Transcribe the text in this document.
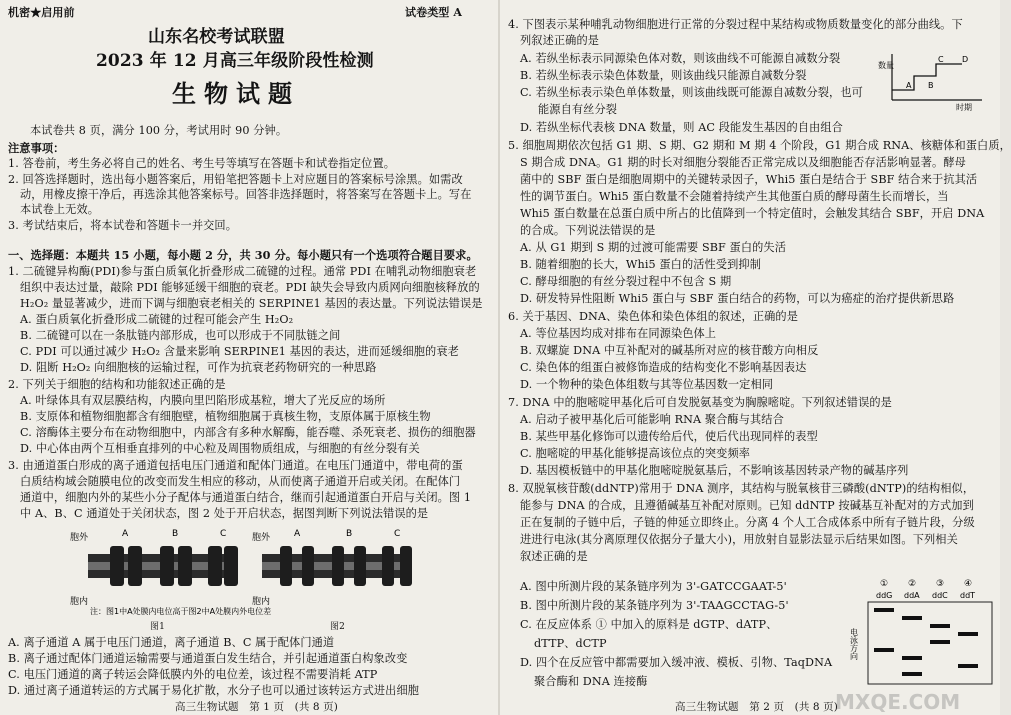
机密★启用前	试卷类型 A
山东名校考试联盟
2023 年 12 月高三年级阶段性检测
生物试题
本试卷共 8 页，满分 100 分，考试用时 90 分钟。
注意事项：
1. 答卷前，考生务必将自己的姓名、考生号等填写在答题卡和试卷指定位置。
2. 回答选择题时，选出每小题答案后，用铅笔把答题卡上对应题目的答案标号涂黑。如需改
动，用橡皮擦干净后，再选涂其他答案标号。回答非选择题时，将答案写在答题卡上。写在
本试卷上无效。
3. 考试结束后，将本试卷和答题卡一并交回。
一、选择题：本题共 15 小题，每小题 2 分，共 30 分。每小题只有一个选项符合题目要求。
1. 二硫键异构酶(PDI)参与蛋白质氧化折叠形成二硫键的过程。通常 PDI 在哺乳动物细胞衰老
组织中表达过量，敲除 PDI 能够延缓干细胞的衰老。PDI 缺失会导致内质网向细胞核释放的
H₂O₂ 量显著减少，进而下调与细胞衰老相关的 SERPINE1 基因的表达量。下列说法错误是
A. 蛋白质氧化折叠形成二硫键的过程可能会产生 H₂O₂
B. 二硫键可以在一条肽链内部形成，也可以形成于不同肽链之间
C. PDI 可以通过减少 H₂O₂ 含量来影响 SERPINE1 基因的表达，进而延缓细胞的衰老
D. 阻断 H₂O₂ 向细胞核的运输过程，可作为抗衰老药物研究的一种思路
2. 下列关于细胞的结构和功能叙述正确的是
A. 叶绿体具有双层膜结构，内膜向里凹陷形成基粒，增大了光反应的场所
B. 支原体和植物细胞都含有细胞壁，植物细胞属于真核生物，支原体属于原核生物
C. 溶酶体主要分布在动物细胞中，内部含有多种水解酶，能吞噬、杀死衰老、损伤的细胞器
D. 中心体由两个互相垂直排列的中心粒及周围物质组成，与细胞的有丝分裂有关
3. 由通道蛋白形成的离子通道包括电压门通道和配体门通道。在电压门通道中，带电荷的蛋
白质结构域会随膜电位的改变而发生相应的移动，从而使离子通道开启或关闭。在配体门
通道中，细胞内外的某些小分子配体与通道蛋白结合，继而引起通道蛋白开启与关闭。图 1
中 A、B、C 通道处于关闭状态，图 2 处于开启状态，据图判断下列说法错误的是
胞外
胞内
A	B	C	胞外
胞内
A	B	C
注：图1中A处膜内电位高于图2中A处膜内外电位差
图1	图2
A. 离子通道 A 属于电压门通道，离子通道 B、C 属于配体门通道
B. 离子通过配体门通道运输需要与通道蛋白发生结合，并引起通道蛋白构象改变
C. 电压门通道的离子转运会降低膜内外的电位差，该过程不需要消耗 ATP
D. 通过离子通道转运的方式属于易化扩散，水分子也可以通过该转运方式进出细胞
高三生物试题　第 1 页　(共 8 页)
4. 下图表示某种哺乳动物细胞进行正常的分裂过程中某结构或物质数量变化的部分曲线。下
列叙述正确的是
A. 若纵坐标表示同源染色体对数，则该曲线不可能源自减数分裂
B. 若纵坐标表示染色体数量，则该曲线只能源自减数分裂
C. 若纵坐标表示染色单体数量，则该曲线既可能源自减数分裂，也可
能源自有丝分裂
D. 若纵坐标代表核 DNA 数量，则 AC 段能发生基因的自由组合
数量
时期
A B
C D
5. 细胞周期依次包括 G1 期、S 期、G2 期和 M 期 4 个阶段，G1 期合成 RNA、核糖体和蛋白质，
S 期合成 DNA。G1 期的时长对细胞分裂能否正常完成以及细胞能否存活影响显著。酵母
菌中的 SBF 蛋白是细胞周期中的关键转录因子，Whi5 蛋白是结合于 SBF 结合来于抗其活
性的调节蛋白。Whi5 蛋白数量不会随着持续产生其他蛋白质的酵母菌生长而增长，当
Whi5 蛋白数量在总蛋白质中所占的比值降到一个特定值时，会触发其结合 SBF，开启 DNA
的合成。下列说法错误的是
A. 从 G1 期到 S 期的过渡可能需要 SBF 蛋白的失活
B. 随着细胞的长大，Whi5 蛋白的活性受到抑制
C. 酵母细胞的有丝分裂过程中不包含 S 期
D. 研发特异性阻断 Whi5 蛋白与 SBF 蛋白结合的药物，可以为癌症的治疗提供新思路
6. 关于基因、DNA、染色体和染色体组的叙述，正确的是
A. 等位基因均成对排布在同源染色体上
B. 双螺旋 DNA 中互补配对的碱基所对应的核苷酸方向相反
C. 染色体的组蛋白被修饰造成的结构变化不影响基因表达
D. 一个物种的染色体组数与其等位基因数一定相同
7. DNA 中的胞嘧啶甲基化后可自发脱氨基变为胸腺嘧啶。下列叙述错误的是
A. 启动子被甲基化后可能影响 RNA 聚合酶与其结合
B. 某些甲基化修饰可以遗传给后代，使后代出现同样的表型
C. 胞嘧啶的甲基化能够提高该位点的突变频率
D. 基因模板链中的甲基化胞嘧啶脱氨基后，不影响该基因转录产物的碱基序列
8. 双脱氧核苷酸(ddNTP)常用于 DNA 测序，其结构与脱氧核苷三磷酸(dNTP)的结构相似，
能参与 DNA 的合成，且遵循碱基互补配对原则。已知 ddNTP 按碱基互补配对的方式加到
正在复制的子链中后，子链的伸延立即终止。分离 4 个人工合成体系中所有子链片段，分级
进进行电泳(其分离原理仅依据分子量大小)，用放射自显影法显示后结果如图。下列相关
叙述正确的是
A. 图中所测片段的某条链序列为 3'-GATCCGAAT-5'
B. 图中所测片段的某条链序列为 3'-TAAGCCTAG-5'
C. 在反应体系 ① 中加入的原料是 dGTP、dATP、
dTTP、dCTP
D. 四个在反应管中都需要加入缓冲液、模板、引物、TaqDNA
聚合酶和 DNA 连接酶
① ② ③ ④
ddG ddA ddC ddT
电泳方向
高三生物试题　第 2 页　(共 8 页)
MXQE.COM
